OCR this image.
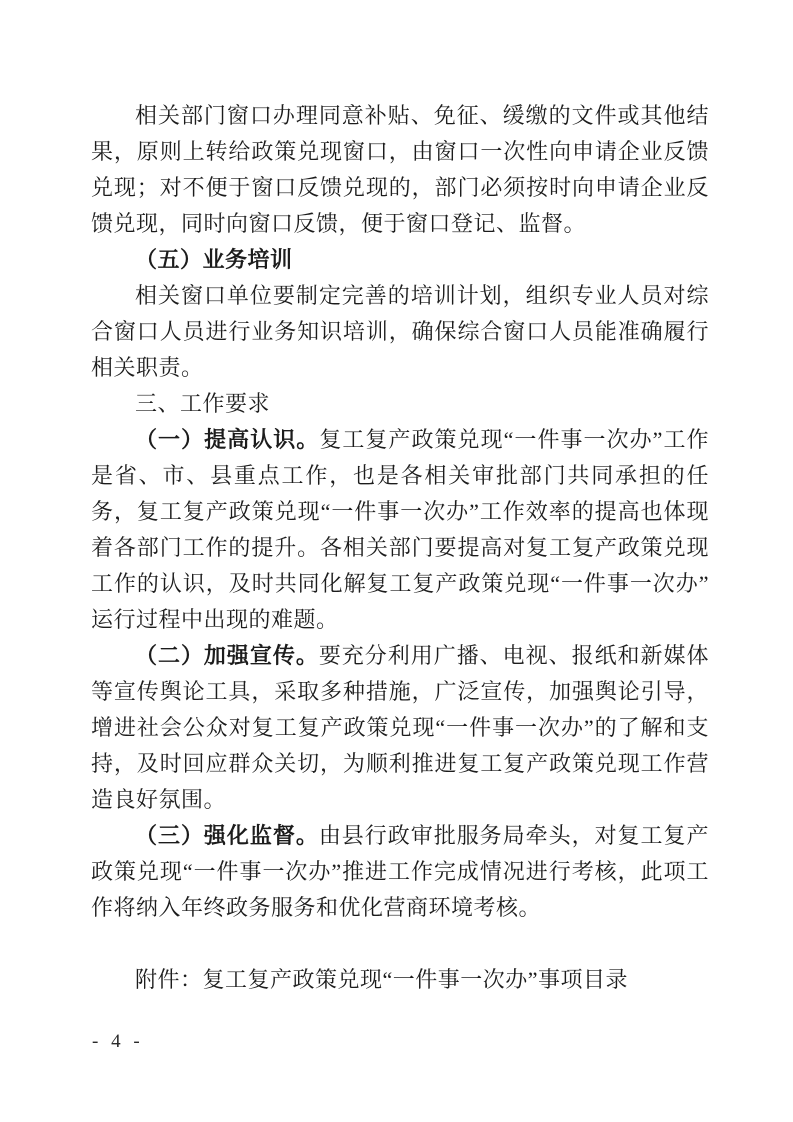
相关部门窗口办理同意补贴、免征、缓缴的文件或其他结果，原则上转给政策兑现窗口，由窗口一次性向申请企业反馈兑现；对不便于窗口反馈兑现的，部门必须按时向申请企业反馈兑现，同时向窗口反馈，便于窗口登记、监督。

（五）业务培训

相关窗口单位要制定完善的培训计划，组织专业人员对综合窗口人员进行业务知识培训，确保综合窗口人员能准确履行相关职责。

三、工作要求

（一）提高认识。复工复产政策兑现“一件事一次办”工作是省、市、县重点工作，也是各相关审批部门共同承担的任务，复工复产政策兑现“一件事一次办”工作效率的提高也体现着各部门工作的提升。各相关部门要提高对复工复产政策兑现工作的认识，及时共同化解复工复产政策兑现“一件事一次办”运行过程中出现的难题。

（二）加强宣传。要充分利用广播、电视、报纸和新媒体等宣传舆论工具，采取多种措施，广泛宣传，加强舆论引导，增进社会公众对复工复产政策兑现“一件事一次办”的了解和支持，及时回应群众关切，为顺利推进复工复产政策兑现工作营造良好氛围。

（三）强化监督。由县行政审批服务局牵头，对复工复产政策兑现“一件事一次办”推进工作完成情况进行考核，此项工作将纳入年终政务服务和优化营商环境考核。

附件：复工复产政策兑现“一件事一次办”事项目录

- 4 -
